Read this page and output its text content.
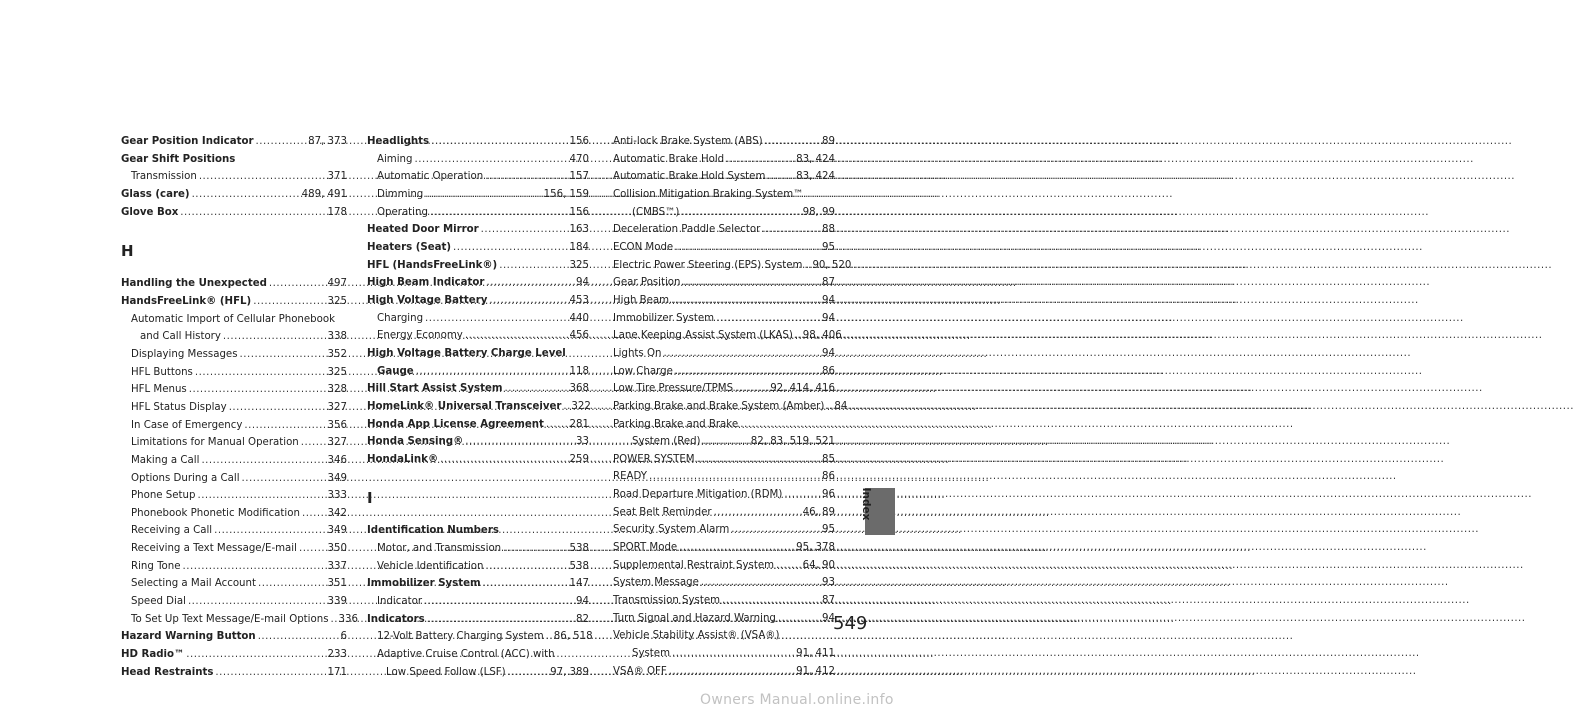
Gear Position Indicator .....	87, 373
Gear Shift Positions
Transmission .....	371
Glass (care) .....	489, 491
Glove Box .....	178
H
Handling the Unexpected .....	497
HandsFreeLink® (HFL) .....	325
Automatic Import of Cellular Phonebook
and Call History .....	338
Displaying Messages .....	352
HFL Buttons .....	325
HFL Menus .....	328
HFL Status Display .....	327
In Case of Emergency .....	356
Limitations for Manual Operation .....	327
Making a Call .....	346
Options During a Call .....	349
Phone Setup .....	333
Phonebook Phonetic Modification .....	342
Receiving a Call .....	349
Receiving a Text Message/E-mail .....	350
Ring Tone .....	337
Selecting a Mail Account .....	351
Speed Dial .....	339
To Set Up Text Message/E-mail Options ..... 336
Hazard Warning Button .....	6
HD Radio™ .....	233
Head Restraints .....	171
Headlights .....	156
Aiming .....	470
Automatic Operation .....	157
Dimming .....	156, 159
Operating .....	156
Heated Door Mirror .....	163
Heaters (Seat) .....	184
HFL (HandsFreeLink®) .....	325
High Beam Indicator .....	94
High Voltage Battery .....	453
Charging .....	440
Energy Economy .....	456
High Voltage Battery Charge Level
Gauge .....	118
Hill Start Assist System .....	368
HomeLink® Universal Transceiver ..... 322
Honda App License Agreement .....	281
Honda Sensing® .....	33
HondaLink® .....	259
I
Identification Numbers
Motor, and Transmission .....	538
Vehicle Identification .....	538
Immobilizer System .....	147
Indicator .....	94
Indicators .....	82
12-Volt Battery Charging System ..... 86, 518
Adaptive Cruise Control (ACC) with
Low Speed Follow (LSF) .....	97, 389
Anti-lock Brake System (ABS) .....	89
Automatic Brake Hold .....	83, 424
Automatic Brake Hold System .....	83, 424
Collision Mitigation Braking System™
(CMBS™) .....	98, 99
Deceleration Paddle Selector .....	88
ECON Mode .....	95
Electric Power Steering (EPS) System ..... 90, 520
Gear Position .....	87
High Beam .....	94
Immobilizer System .....	94
Lane Keeping Assist System (LKAS) ..... 98, 406
Lights On .....	94
Low Charge .....	86
Low Tire Pressure/TPMS .....	92, 414, 416
Parking Brake and Brake System (Amber) ..... 84
Parking Brake and Brake
System (Red) .....	82, 83, 519, 521
POWER SYSTEM .....	85
READY .....	86
Road Departure Mitigation (RDM) .....	96
Seat Belt Reminder .....	46, 89
Security System Alarm .....	95
SPORT Mode .....	95, 378
Supplemental Restraint System .....	64, 90
System Message .....	93
Transmission System .....	87
Turn Signal and Hazard Warning .....	94
Vehicle Stability Assist® (VSA®)
System .....	91, 411
VSA® OFF .....	91, 412
Index
549
Owners Manual.online.info
